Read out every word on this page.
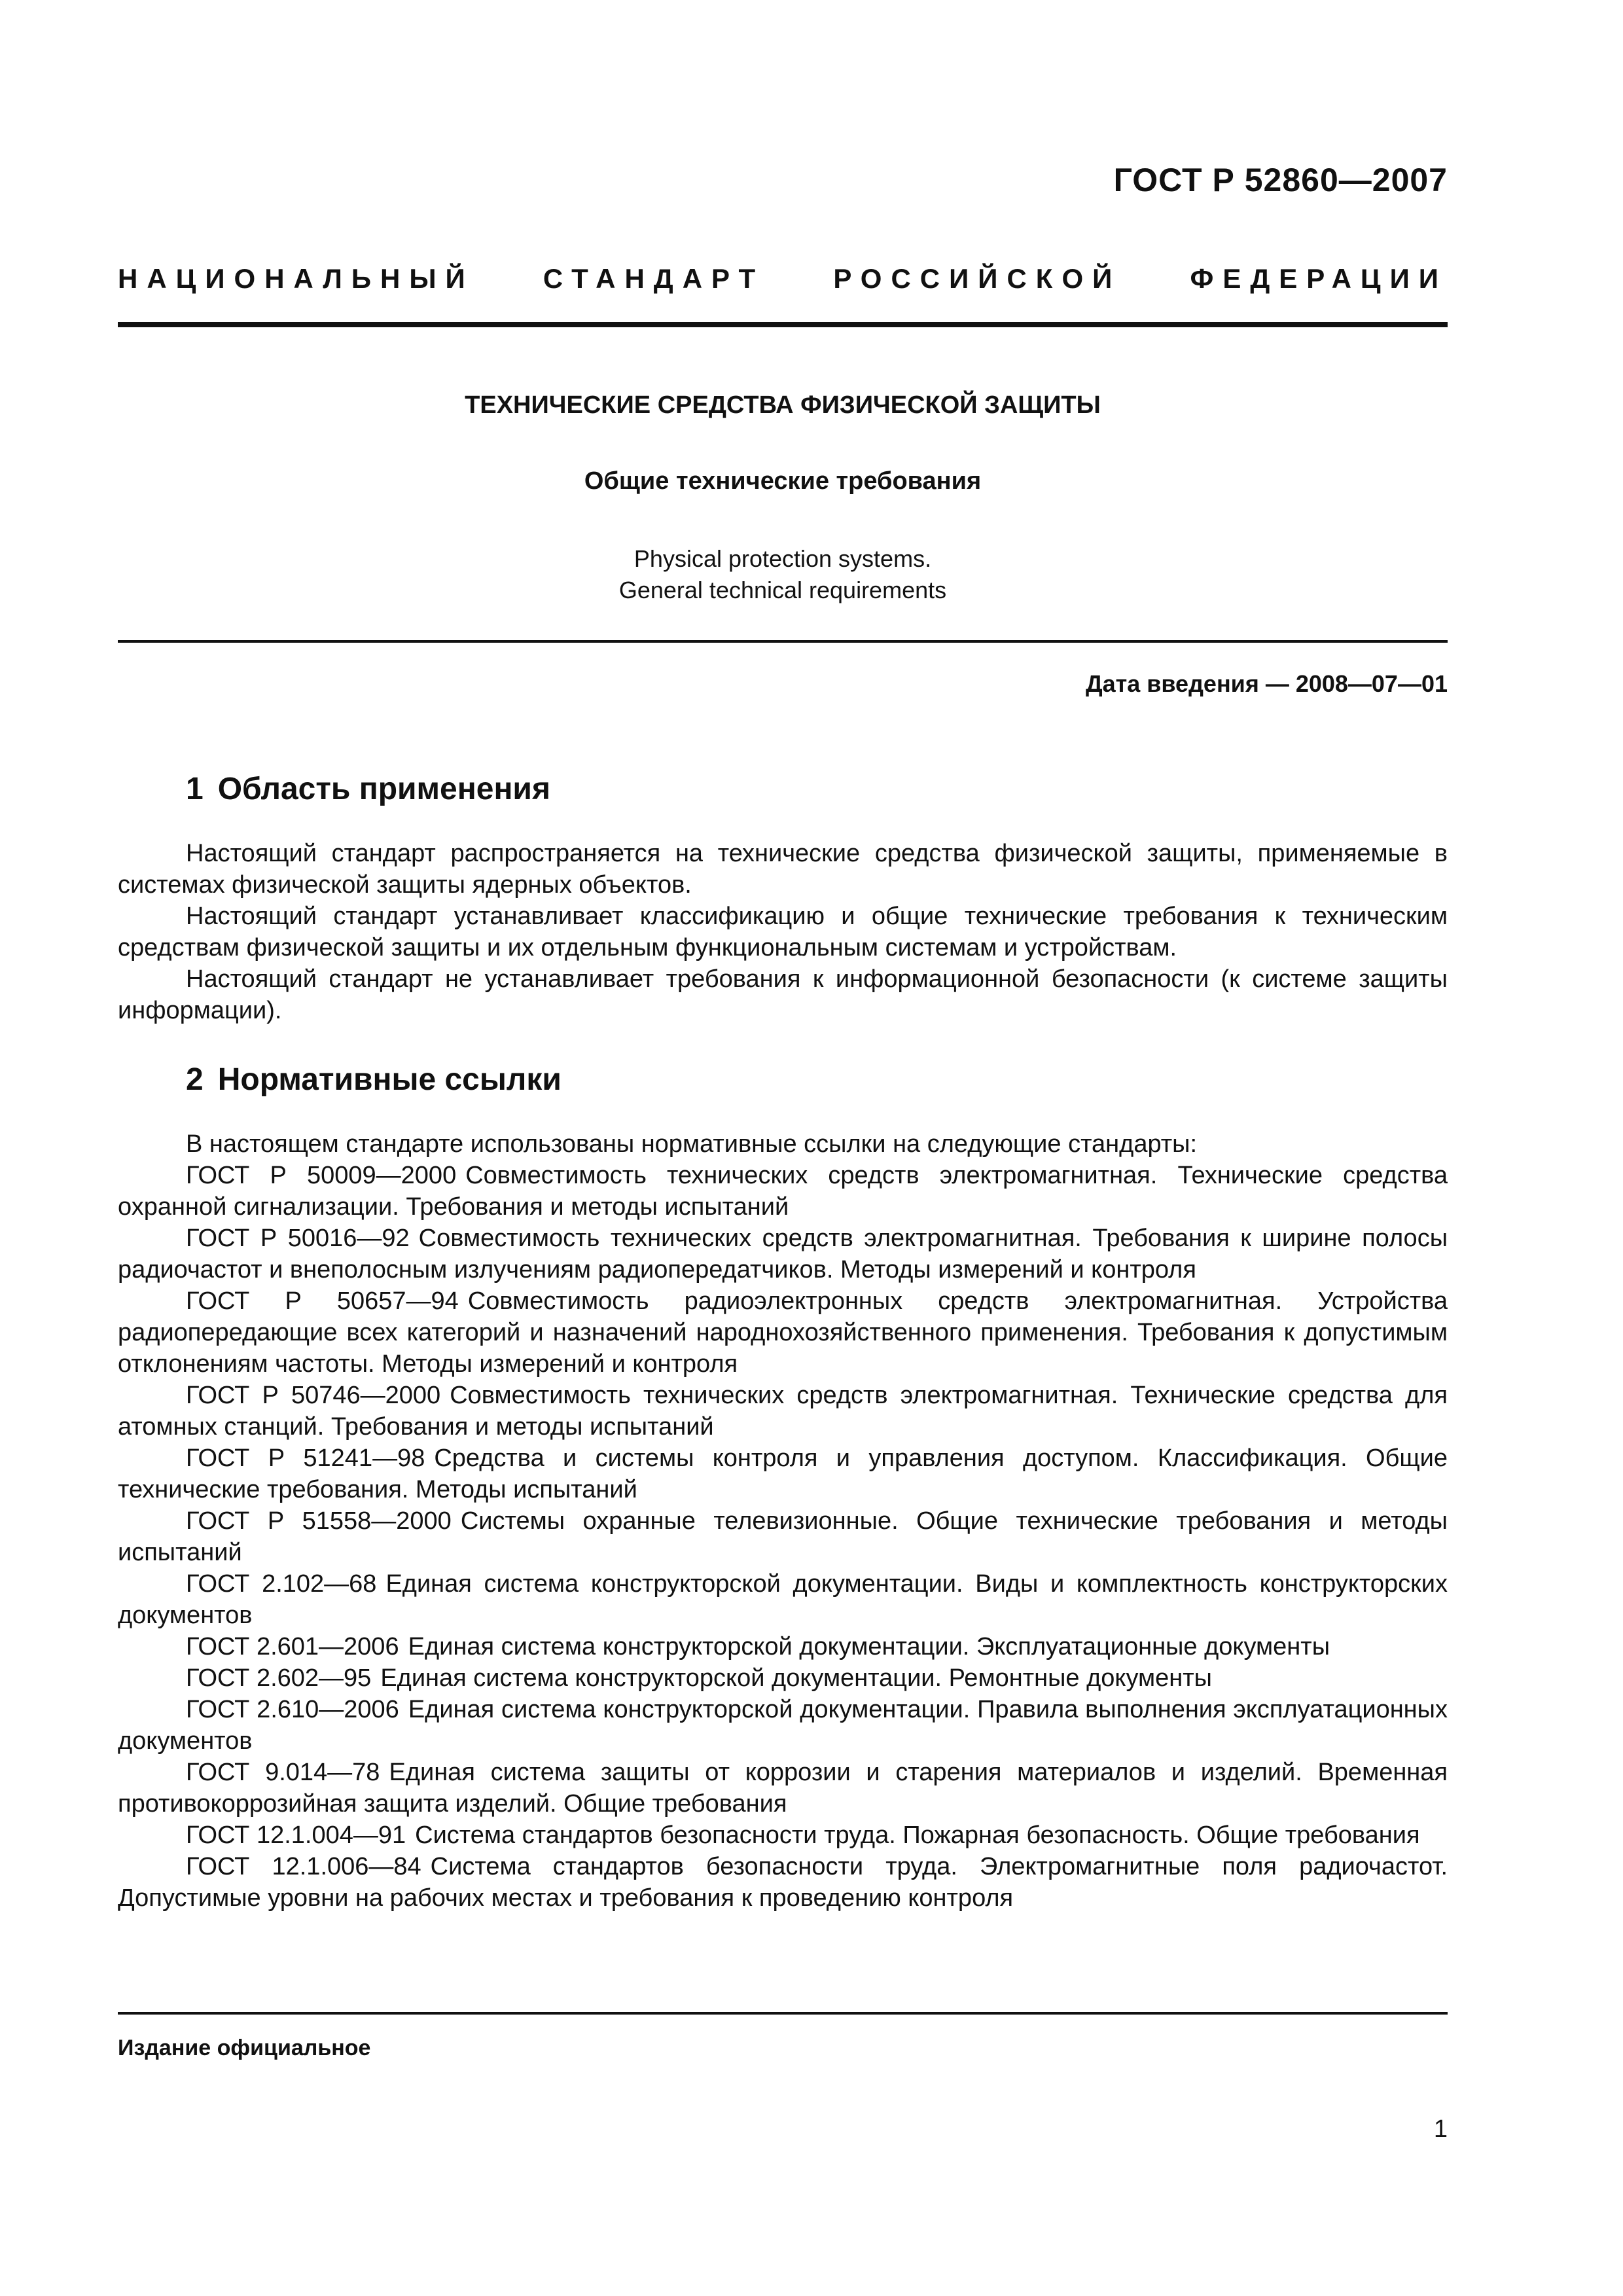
ГОСТ Р 52860—2007
НАЦИОНАЛЬНЫЙ	СТАНДАРТ	РОССИЙСКОЙ	ФЕДЕРАЦИИ
ТЕХНИЧЕСКИЕ СРЕДСТВА ФИЗИЧЕСКОЙ ЗАЩИТЫ
Общие технические требования
Physical protection systems.
General technical requirements
Дата введения — 2008—07—01
1 Область применения

Настоящий стандарт распространяется на технические средства физической защиты, применяемые в системах физической защиты ядерных объектов.

Настоящий стандарт устанавливает классификацию и общие технические требования к техническим средствам физической защиты и их отдельным функциональным системам и устройствам.

Настоящий стандарт не устанавливает требования к информационной безопасности (к системе защиты информации).

2 Нормативные ссылки

В настоящем стандарте использованы нормативные ссылки на следующие стандарты:

ГОСТ Р 50009—2000 Совместимость технических средств электромагнитная. Технические средства охранной сигнализации. Требования и методы испытаний

ГОСТ Р 50016—92 Совместимость технических средств электромагнитная. Требования к ширине полосы радиочастот и внеполосным излучениям радиопередатчиков. Методы измерений и контроля

ГОСТ Р 50657—94 Совместимость радиоэлектронных средств электромагнитная. Устройства радиопередающие всех категорий и назначений народнохозяйственного применения. Требования к допустимым отклонениям частоты. Методы измерений и контроля

ГОСТ Р 50746—2000 Совместимость технических средств электромагнитная. Технические средства для атомных станций. Требования и методы испытаний

ГОСТ Р 51241—98 Средства и системы контроля и управления доступом. Классификация. Общие технические требования. Методы испытаний

ГОСТ Р 51558—2000 Системы охранные телевизионные. Общие технические требования и методы испытаний

ГОСТ 2.102—68 Единая система конструкторской документации. Виды и комплектность конструкторских документов

ГОСТ 2.601—2006 Единая система конструкторской документации. Эксплуатационные документы

ГОСТ 2.602—95 Единая система конструкторской документации. Ремонтные документы

ГОСТ 2.610—2006 Единая система конструкторской документации. Правила выполнения эксплуатационных документов

ГОСТ 9.014—78 Единая система защиты от коррозии и старения материалов и изделий. Временная противокоррозийная защита изделий. Общие требования

ГОСТ 12.1.004—91 Система стандартов безопасности труда. Пожарная безопасность. Общие требования

ГОСТ 12.1.006—84 Система стандартов безопасности труда. Электромагнитные поля радиочастот. Допустимые уровни на рабочих местах и требования к проведению контроля

Издание официальное
1
